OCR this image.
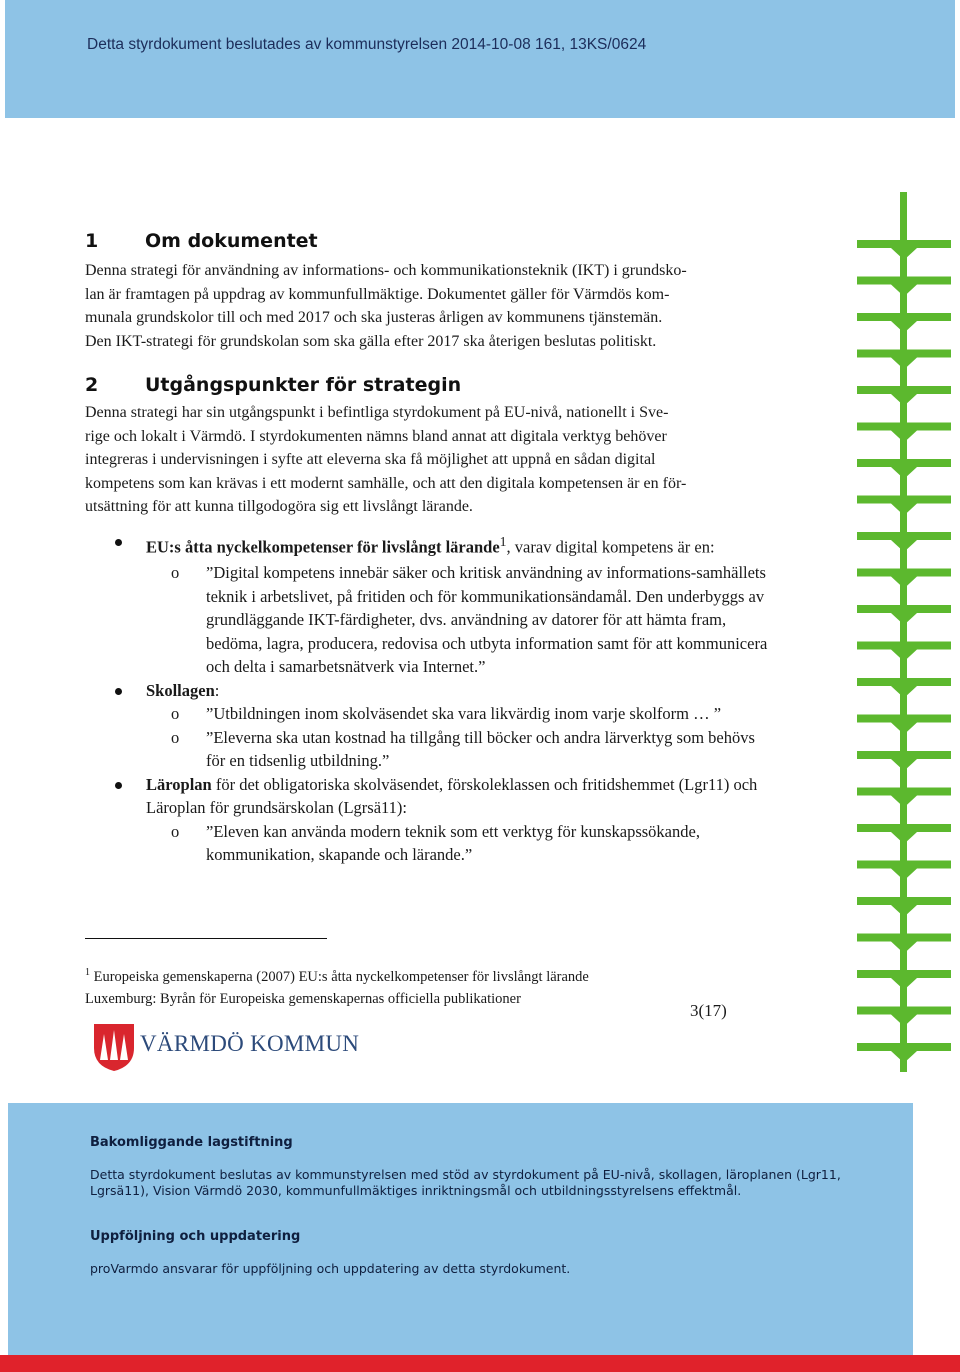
Detta styrdokument beslutades av kommunstyrelsen 2014-10-08 161, 13KS/0624
1 Om dokumentet
Denna strategi för användning av informations- och kommunikationsteknik (IKT) i grundsko-
lan är framtagen på uppdrag av kommunfullmäktige. Dokumentet gäller för Värmdös kom-
munala grundskolor till och med 2017 och ska justeras årligen av kommunens tjänstemän.
Den IKT-strategi för grundskolan som ska gälla efter 2017 ska återigen beslutas politiskt.
2 Utgångspunkter för strategin
Denna strategi har sin utgångspunkt i befintliga styrdokument på EU-nivå, nationellt i Sve-
rige och lokalt i Värmdö. I styrdokumenten nämns bland annat att digitala verktyg behöver
integreras i undervisningen i syfte att eleverna ska få möjlighet att uppnå en sådan digital
kompetens som kan krävas i ett modernt samhälle, och att den digitala kompetensen är en för-
utsättning för att kunna tillgodogöra sig ett livslångt lärande.
EU:s åtta nyckelkompetenser för livslångt lärande$^1$, varav digital kompetens är en:
o ”Digital kompetens innebär säker och kritisk användning av informations-samhällets teknik i arbetslivet, på fritiden och för kommunikationsändamål. Den underbyggs av grundläggande IKT-färdigheter, dvs. användning av datorer för att hämta fram, bedöma, lagra, producera, redovisa och utbyta information samt för att kommunicera och delta i samarbetsnätverk via Internet.”
Skollagen:
o ”Utbildningen inom skolväsendet ska vara likvärdig inom varje skolform … ”
o ”Eleverna ska utan kostnad ha tillgång till böcker och andra lärverktyg som behövs för en tidsenlig utbildning.”
Läroplan för det obligatoriska skolväsendet, förskoleklassen och fritidshemmet (Lgr11) och Läroplan för grundsärskolan (Lgrsä11):
o ”Eleven kan använda modern teknik som ett verktyg för kunskapssökande, kommunikation, skapande och lärande.”
$^1$ Europeiska gemenskaperna (2007) EU:s åtta nyckelkompetenser för livslångt lärande
Luxemburg: Byrån för Europeiska gemenskapernas officiella publikationer
3(17)
VÄRMDÖ KOMMUN
Bakomliggande lagstiftning

Detta styrdokument beslutas av kommunstyrelsen med stöd av styrdokument på EU-nivå, skollagen, läroplanen (Lgr11, Lgrsä11), Vision Värmdö 2030, kommunfullmäktiges inriktningsmål och utbildningsstyrelsens effektmål.

Uppföljning och uppdatering

proVarmdo ansvarar för uppföljning och uppdatering av detta styrdokument.
